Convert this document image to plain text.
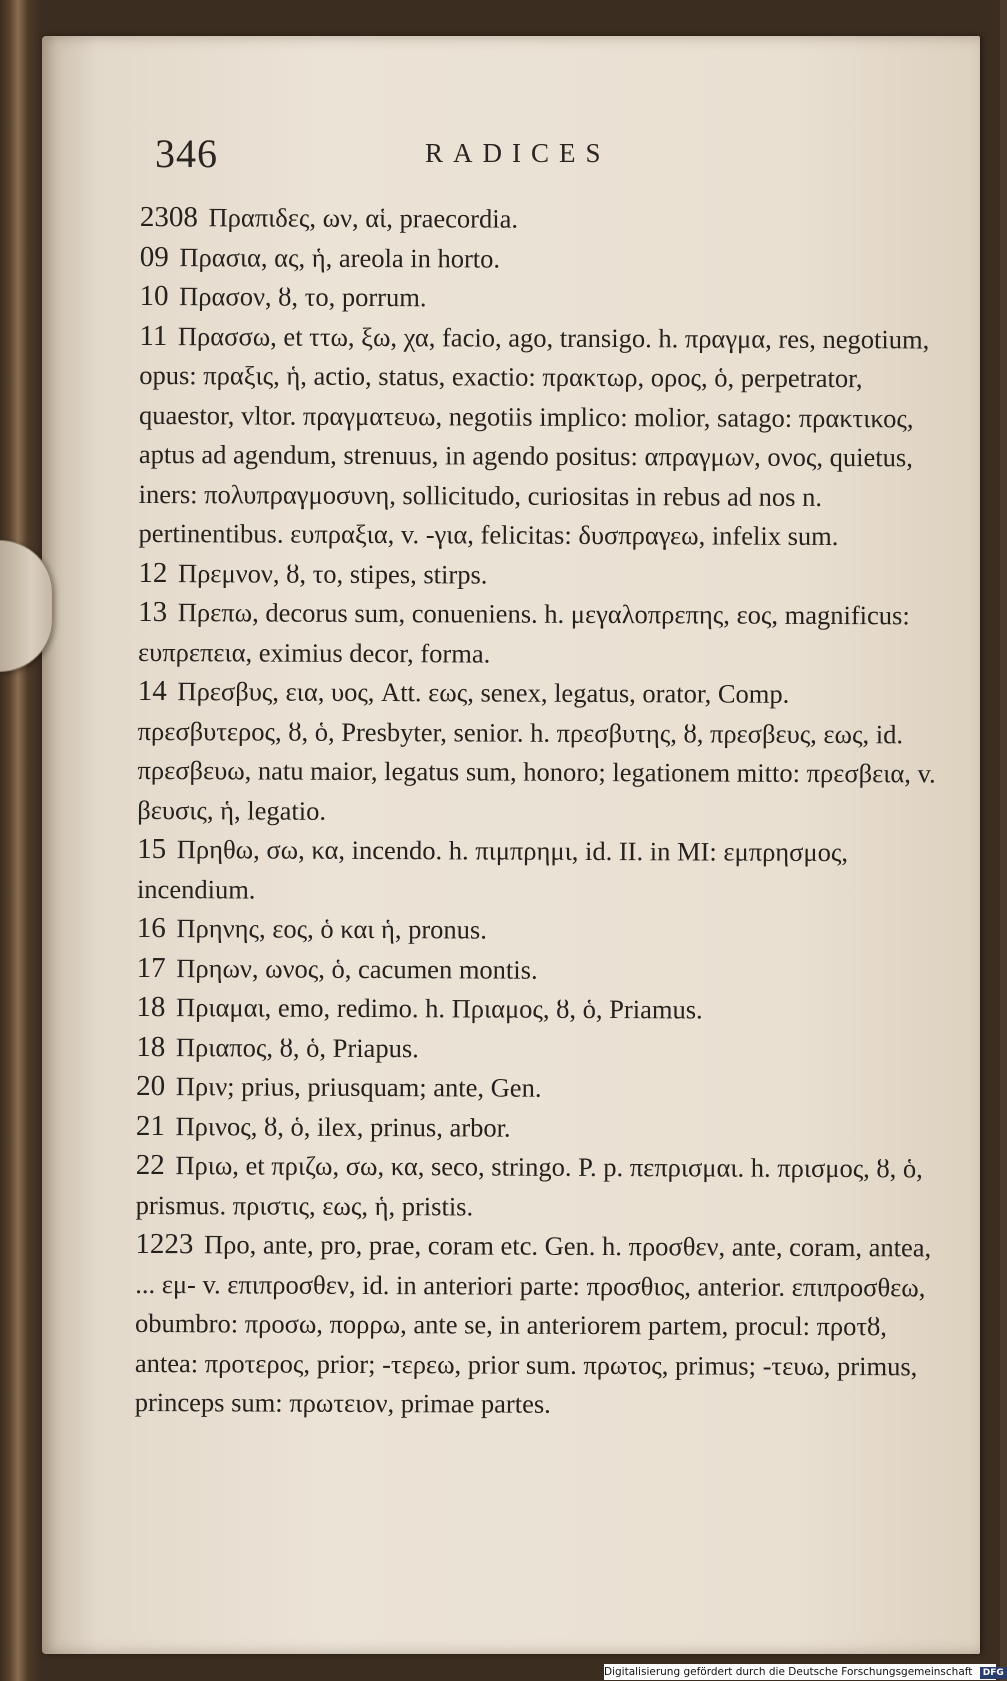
346	RADICES

2308 Πραπιδες, ων, αἱ, praecordia.

09 Πρασια, ας, ἡ, areola in horto.

10 Πρασον, ȣ, το, porrum.

11 Πρασσω, et ττω, ξω, χα, facio, ago, transigo. h. πραγμα, res, negotium, opus: πραξις, ἡ, actio, status, exactio: πρακτωρ, ορος, ὁ, perpetrator, quaestor, vltor. πραγματευω, negotiis implico: molior, satago: πρακτικος, aptus ad agendum, strenuus, in agendo positus: απραγμων, ονος, quietus, iners: πολυπραγμοσυνη, sollicitudo, curiositas in rebus ad nos n. pertinentibus. ευπραξια, v. -για, felicitas: δυσπραγεω, infelix sum.

12 Πρεμνον, ȣ, το, stipes, stirps.

13 Πρεπω, decorus sum, conueniens. h. μεγαλοπρεπης, εος, magnificus: ευπρεπεια, eximius decor, forma.

14 Πρεσβυς, εια, υος, Att. εως, senex, legatus, orator, Comp. πρεσβυτερος, ȣ, ὁ, Presbyter, senior. h. πρεσβυτης, ȣ, πρεσβευς, εως, id. πρεσβευω, natu maior, legatus sum, honoro; legationem mitto: πρεσβεια, v. βευσις, ἡ, legatio.

15 Πρηθω, σω, κα, incendo. h. πιμπρημι, id. II. in MI: εμπρησμος, incendium.

16 Πρηνης, εος, ὁ και ἡ, pronus.

17 Πρηων, ωνος, ὁ, cacumen montis.

18 Πριαμαι, emo, redimo. h. Πριαμος, ȣ, ὁ, Priamus.

18 Πριαπος, ȣ, ὁ, Priapus.

20 Πριν; prius, priusquam; ante, Gen.

21 Πρινος, ȣ, ὁ, ilex, prinus, arbor.

22 Πριω, et πριζω, σω, κα, seco, stringo. P. p. πεπρισμαι. h. πρισμος, ȣ, ὁ, prismus. πριστις, εως, ἡ, pristis.

1223 Προ, ante, pro, prae, coram etc. Gen. h. προσθεν, ante, coram, antea, ... εμ- v. επιπροσθεν, id. in anteriori parte: προσθιος, anterior. επιπροσθεω, obumbro: προσω, πορρω, ante se, in anteriorem partem, procul: προτȣ, antea: προτερος, prior; -τερεω, prior sum. πρωτος, primus; -τευω, primus, princeps sum: πρωτειον, primae partes.

Digitalisierung gefördert durch die Deutsche Forschungsgemeinschaft DFG
